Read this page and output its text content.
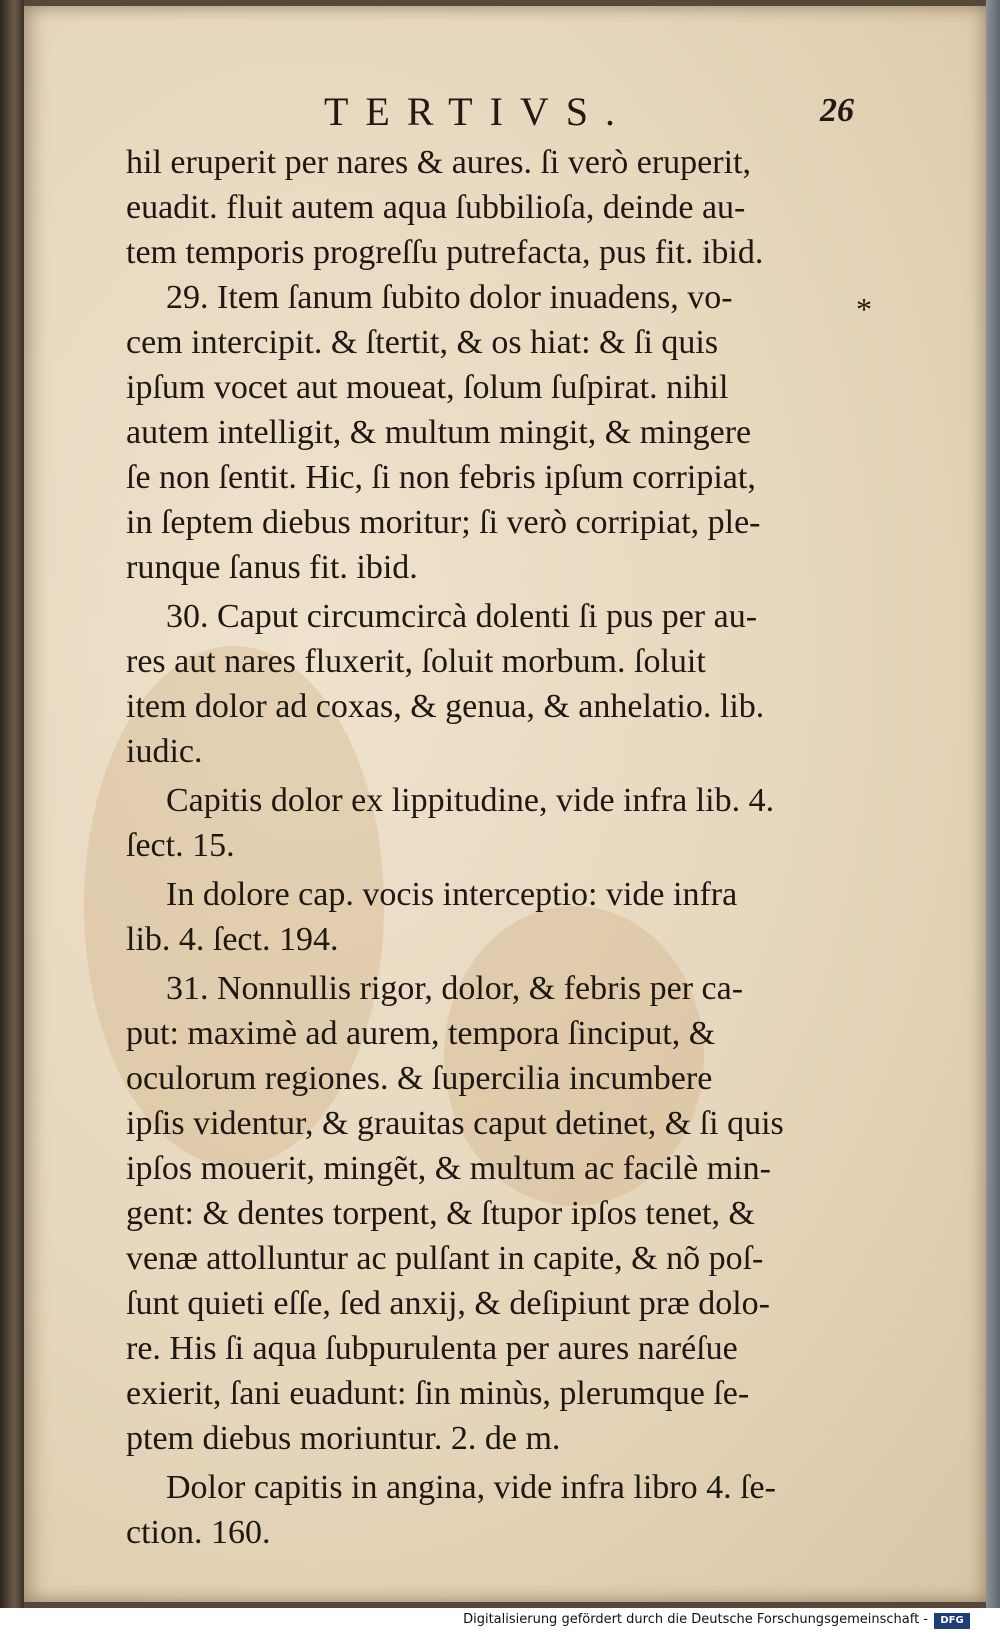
TERTIVS.	26
*
hil eruperit per nares & aures. ſi verò eruperit,
euadit. fluit autem aqua ſubbilioſa, deinde au-
tem temporis progreſſu putrefacta, pus fit. ibid.
29. Item ſanum ſubito dolor inuadens, vo-
cem intercipit. & ſtertit, & os hiat: & ſi quis
ipſum vocet aut moueat, ſolum ſuſpirat. nihil
autem intelligit, & multum mingit, & mingere
ſe non ſentit. Hic, ſi non febris ipſum corripiat,
in ſeptem diebus moritur; ſi verò corripiat, ple-
runque ſanus fit. ibid.
30. Caput circumcircà dolenti ſi pus per au-
res aut nares fluxerit, ſoluit morbum. ſoluit
item dolor ad coxas, & genua, & anhelatio. lib.
iudic.
Capitis dolor ex lippitudine, vide infra lib. 4.
ſect. 15.
In dolore cap. vocis interceptio: vide infra
lib. 4. ſect. 194.
31. Nonnullis rigor, dolor, & febris per ca-
put: maximè ad aurem, tempora ſinciput, &
oculorum regiones. & ſupercilia incumbere
ipſis videntur, & grauitas caput detinet, & ſi quis
ipſos mouerit, mingẽt, & multum ac facilè min-
gent: & dentes torpent, & ſtupor ipſos tenet, &
venæ attolluntur ac pulſant in capite, & nõ poſ-
ſunt quieti eſſe, ſed anxij, & deſipiunt præ dolo-
re. His ſi aqua ſubpurulenta per aures naréſue
exierit, ſani euadunt: ſin minùs, plerumque ſe-
ptem diebus moriuntur. 2. de m.
Dolor capitis in angina, vide infra libro 4. ſe-
ction. 160.
Digitalisierung gefördert durch die Deutsche Forschungsgemeinschaft -	DFG
